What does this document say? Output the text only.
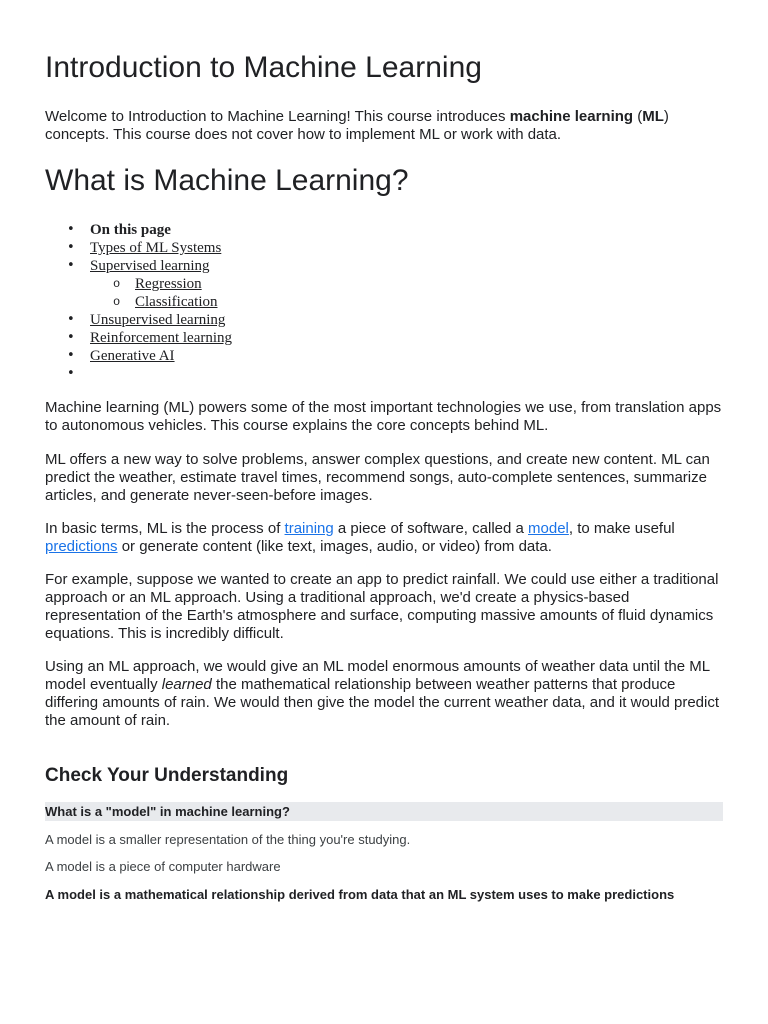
Introduction to Machine Learning

Welcome to Introduction to Machine Learning! This course introduces machine learning (ML) concepts. This course does not cover how to implement ML or work with data.

What is Machine Learning?
• On this page
• Types of ML Systems
• Supervised learning
o Regression
o Classification
• Unsupervised learning
• Reinforcement learning
• Generative AI
•

Machine learning (ML) powers some of the most important technologies we use, from translation apps to autonomous vehicles. This course explains the core concepts behind ML.

ML offers a new way to solve problems, answer complex questions, and create new content. ML can predict the weather, estimate travel times, recommend songs, auto-complete sentences, summarize articles, and generate never-seen-before images.

In basic terms, ML is the process of training a piece of software, called a model, to make useful predictions or generate content (like text, images, audio, or video) from data.

For example, suppose we wanted to create an app to predict rainfall. We could use either a traditional approach or an ML approach. Using a traditional approach, we'd create a physics-based representation of the Earth's atmosphere and surface, computing massive amounts of fluid dynamics equations. This is incredibly difficult.

Using an ML approach, we would give an ML model enormous amounts of weather data until the ML model eventually learned the mathematical relationship between weather patterns that produce differing amounts of rain. We would then give the model the current weather data, and it would predict the amount of rain.

Check Your Understanding
What is a "model" in machine learning?
A model is a smaller representation of the thing you're studying.
A model is a piece of computer hardware
A model is a mathematical relationship derived from data that an ML system uses to make predictions
